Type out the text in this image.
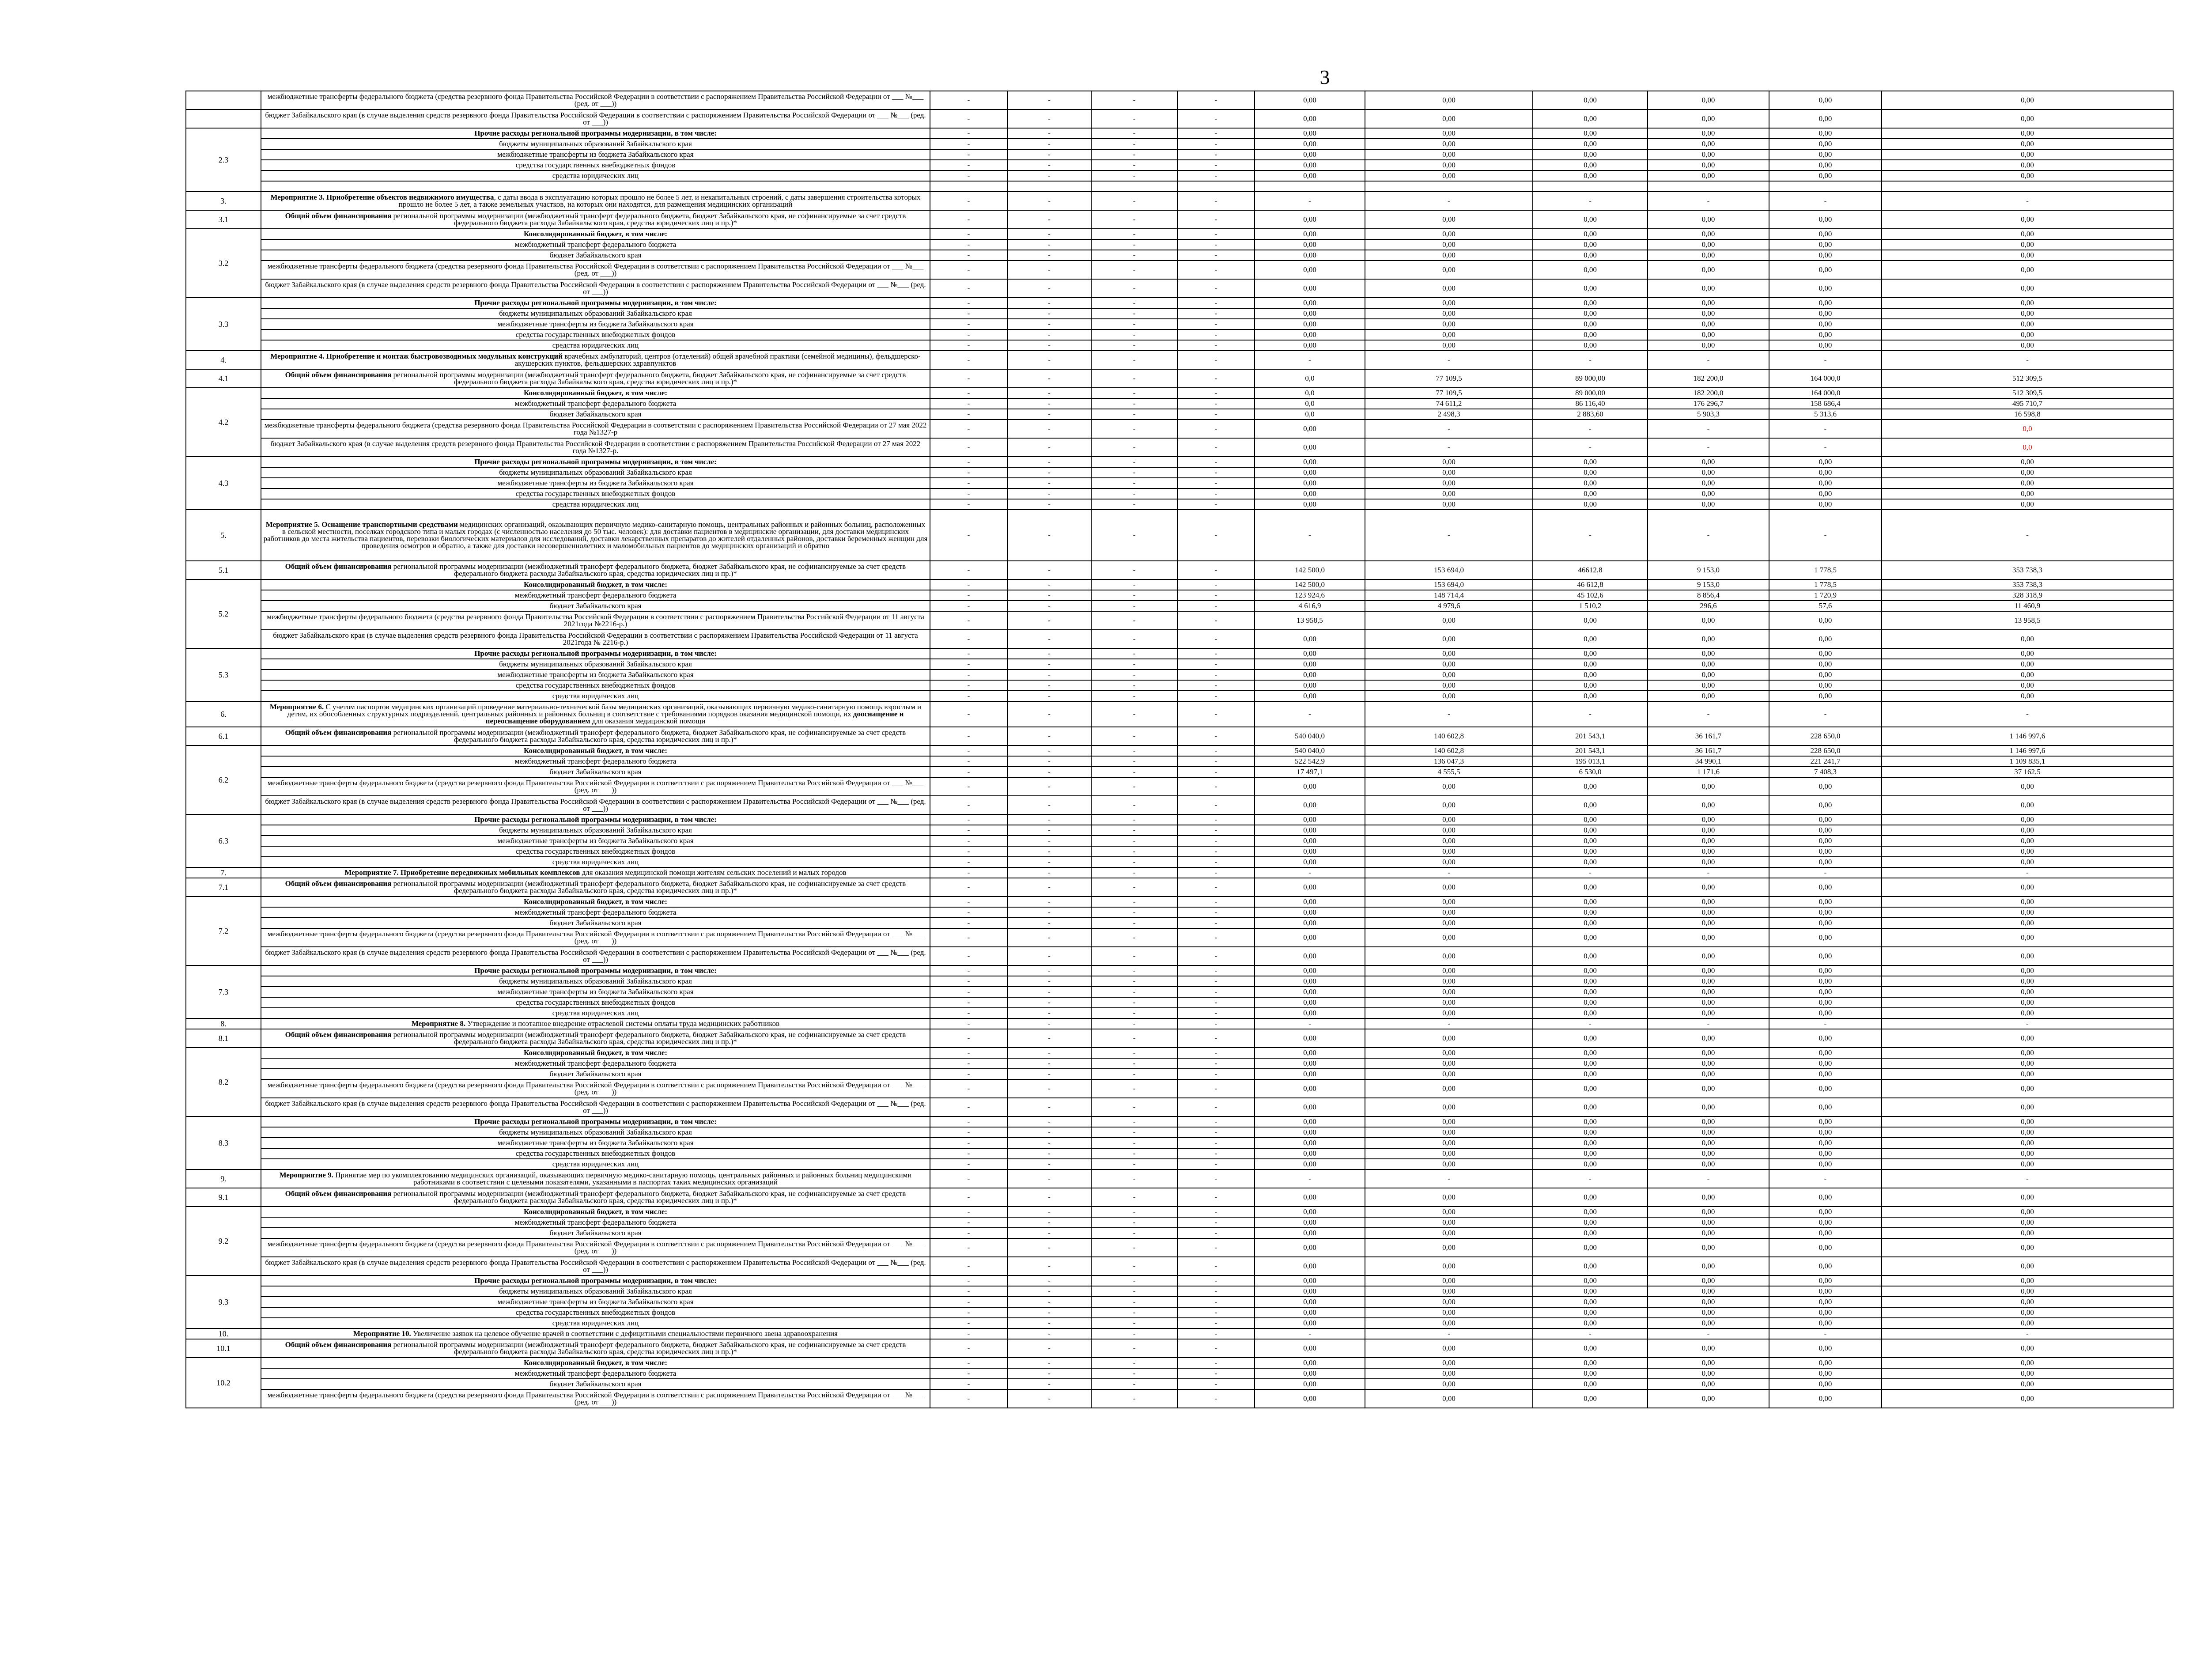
3
	межбюджетные трансферты федерального бюджета (средства резервного фонда Правительства Российской Федерации в соответствии с распоряжением Правительства Российской Федерации от ___ №___ (ред. от ___))	-	-	-	-	0,00	0,00	0,00	0,00	0,00	0,00
	бюджет Забайкальского края (в случае выделения средств резервного фонда Правительства Российской Федерации в соответствии с распоряжением Правительства Российской Федерации от ___ №___ (ред. от ___))	-	-	-	-	0,00	0,00	0,00	0,00	0,00	0,00
2.3	Прочие расходы региональной программы модернизации, в том числе:	-	-	-	-	0,00	0,00	0,00	0,00	0,00	0,00
	бюджеты муниципальных образований Забайкальского края	-	-	-	-	0,00	0,00	0,00	0,00	0,00	0,00
	межбюджетные трансферты из бюджета Забайкальского края	-	-	-	-	0,00	0,00	0,00	0,00	0,00	0,00
	средства государственных внебюджетных фондов	-	-	-	-	0,00	0,00	0,00	0,00	0,00	0,00
	средства юридических лиц	-	-	-	-	0,00	0,00	0,00	0,00	0,00	0,00

3.	Мероприятие 3. Приобретение объектов недвижимого имущества, с даты ввода в эксплуатацию которых прошло не более 5 лет, и некапитальных строений, с даты завершения строительства которых прошло не более 5 лет, а также земельных участков, на которых они находятся, для размещения медицинских организаций	-	-	-	-	-	-	-	-	-	-
3.1	Общий объем финансирования региональной программы модернизации (межбюджетный трансферт федерального бюджета, бюджет Забайкальского края, не софинансируемые за счет средств федерального бюджета расходы Забайкальского края, средства юридических лиц и пр.)*	-	-	-	-	0,00	0,00	0,00	0,00	0,00	0,00
3.2	Консолидированный бюджет, в том числе:	-	-	-	-	0,00	0,00	0,00	0,00	0,00	0,00
	межбюджетный трансферт федерального бюджета	-	-	-	-	0,00	0,00	0,00	0,00	0,00	0,00
	бюджет Забайкальского края	-	-	-	-	0,00	0,00	0,00	0,00	0,00	0,00
	межбюджетные трансферты федерального бюджета (средства резервного фонда Правительства Российской Федерации в соответствии с распоряжением Правительства Российской Федерации от ___ №___ (ред. от ___))	-	-	-	-	0,00	0,00	0,00	0,00	0,00	0,00
	бюджет Забайкальского края (в случае выделения средств резервного фонда Правительства Российской Федерации в соответствии с распоряжением Правительства Российской Федерации от ___ №___ (ред. от ___))	-	-	-	-	0,00	0,00	0,00	0,00	0,00	0,00
3.3	Прочие расходы региональной программы модернизации, в том числе:	-	-	-	-	0,00	0,00	0,00	0,00	0,00	0,00
	бюджеты муниципальных образований Забайкальского края	-	-	-	-	0,00	0,00	0,00	0,00	0,00	0,00
	межбюджетные трансферты из бюджета Забайкальского края	-	-	-	-	0,00	0,00	0,00	0,00	0,00	0,00
	средства государственных внебюджетных фондов	-	-	-	-	0,00	0,00	0,00	0,00	0,00	0,00
	средства юридических лиц	-	-	-	-	0,00	0,00	0,00	0,00	0,00	0,00
4.	Мероприятие 4. Приобретение и монтаж быстровозводимых модульных конструкций врачебных амбулаторий, центров (отделений) общей врачебной практики (семейной медицины), фельдшерско-акушерских пунктов, фельдшерских здравпунктов	-	-	-	-	-	-	-	-	-	-
4.1	Общий объем финансирования региональной программы модернизации (межбюджетный трансферт федерального бюджета, бюджет Забайкальского края, не софинансируемые за счет средств федерального бюджета расходы Забайкальского края, средства юридических лиц и пр.)*	-	-	-	-	0,0	77 109,5	89 000,00	182 200,0	164 000,0	512 309,5
4.2	Консолидированный бюджет, в том числе:	-	-	-	-	0,0	77 109,5	89 000,00	182 200,0	164 000,0	512 309,5
	межбюджетный трансферт федерального бюджета	-	-	-	-	0,0	74 611,2	86 116,40	176 296,7	158 686,4	495 710,7
	бюджет Забайкальского края	-	-	-	-	0,0	2 498,3	2 883,60	5 903,3	5 313,6	16 598,8
	межбюджетные трансферты федерального бюджета (средства резервного фонда Правительства Российской Федерации в соответствии с распоряжением Правительства Российской Федерации от 27 мая 2022 года №1327-р	-	-	-	-	0,00	-	-	-	-	0,0
	бюджет Забайкальского края (в случае выделения средств резервного фонда Правительства Российской Федерации в соответствии с распоряжением Правительства Российской Федерации от 27 мая 2022 года №1327-р.	-	-	-	-	0,00	-	-	-	-	0,0
4.3	Прочие расходы региональной программы модернизации, в том числе:	-	-	-	-	0,00	0,00	0,00	0,00	0,00	0,00
	бюджеты муниципальных образований Забайкальского края	-	-	-	-	0,00	0,00	0,00	0,00	0,00	0,00
	межбюджетные трансферты из бюджета Забайкальского края	-	-	-	-	0,00	0,00	0,00	0,00	0,00	0,00
	средства государственных внебюджетных фондов	-	-	-	-	0,00	0,00	0,00	0,00	0,00	0,00
	средства юридических лиц	-	-	-	-	0,00	0,00	0,00	0,00	0,00	0,00
5.	Мероприятие 5. Оснащение транспортными средствами медицинских организаций, оказывающих первичную медико-санитарную помощь, центральных районных и районных больниц, расположенных в сельской местности, поселках городского типа и малых городах (с численностью населения до 50 тыс. человек): для доставки пациентов в медицинские организации, для доставки медицинских работников до места жительства пациентов, перевозки биологических материалов для исследований, доставки лекарственных препаратов до жителей отдаленных районов, доставки беременных женщин для проведения осмотров и обратно, а также для доставки несовершеннолетних и маломобильных пациентов до медицинских организаций и обратно	-	-	-	-	-	-	-	-	-	-
5.1	Общий объем финансирования региональной программы модернизации (межбюджетный трансферт федерального бюджета, бюджет Забайкальского края, не софинансируемые за счет средств федерального бюджета расходы Забайкальского края, средства юридических лиц и пр.)*	-	-	-	-	142 500,0	153 694,0	46612,8	9 153,0	1 778,5	353 738,3
5.2	Консолидированный бюджет, в том числе:	-	-	-	-	142 500,0	153 694,0	46 612,8	9 153,0	1 778,5	353 738,3
	межбюджетный трансферт федерального бюджета	-	-	-	-	123 924,6	148 714,4	45 102,6	8 856,4	1 720,9	328 318,9
	бюджет Забайкальского края	-	-	-	-	4 616,9	4 979,6	1 510,2	296,6	57,6	11 460,9
	межбюджетные трансферты федерального бюджета (средства резервного фонда Правительства Российской Федерации в соответствии с распоряжением Правительства Российской Федерации от 11 августа 2021года №2216-р.)	-	-	-	-	13 958,5	0,00	0,00	0,00	0,00	13 958,5
	бюджет Забайкальского края (в случае выделения средств резервного фонда Правительства Российской Федерации в соответствии с распоряжением Правительства Российской Федерации от 11 августа 2021года № 2216-р.)	-	-	-	-	0,00	0,00	0,00	0,00	0,00	0,00
5.3	Прочие расходы региональной программы модернизации, в том числе:	-	-	-	-	0,00	0,00	0,00	0,00	0,00	0,00
	бюджеты муниципальных образований Забайкальского края	-	-	-	-	0,00	0,00	0,00	0,00	0,00	0,00
	межбюджетные трансферты из бюджета Забайкальского края	-	-	-	-	0,00	0,00	0,00	0,00	0,00	0,00
	средства государственных внебюджетных фондов	-	-	-	-	0,00	0,00	0,00	0,00	0,00	0,00
	средства юридических лиц	-	-	-	-	0,00	0,00	0,00	0,00	0,00	0,00
6.	Мероприятие 6. С учетом паспортов медицинских организаций проведение материально-технической базы медицинских организаций, оказывающих первичную медико-санитарную помощь взрослым и детям, их обособленных структурных подразделений, центральных районных и районных больниц в соответствие с требованиями порядков оказания медицинской помощи, их дооснащение и переоснащение оборудованием для оказания медицинской помощи	-	-	-	-	-	-	-	-	-	-
6.1	Общий объем финансирования региональной программы модернизации (межбюджетный трансферт федерального бюджета, бюджет Забайкальского края, не софинансируемые за счет средств федерального бюджета расходы Забайкальского края, средства юридических лиц и пр.)*	-	-	-	-	540 040,0	140 602,8	201 543,1	36 161,7	228 650,0	1 146 997,6
6.2	Консолидированный бюджет, в том числе:	-	-	-	-	540 040,0	140 602,8	201 543,1	36 161,7	228 650,0	1 146 997,6
	межбюджетный трансферт федерального бюджета	-	-	-	-	522 542,9	136 047,3	195 013,1	34 990,1	221 241,7	1 109 835,1
	бюджет Забайкальского края	-	-	-	-	17 497,1	4 555,5	6 530,0	1 171,6	7 408,3	37 162,5
	межбюджетные трансферты федерального бюджета (средства резервного фонда Правительства Российской Федерации в соответствии с распоряжением Правительства Российской Федерации от ___ №___ (ред. от ___))	-	-	-	-	0,00	0,00	0,00	0,00	0,00	0,00
	бюджет Забайкальского края (в случае выделения средств резервного фонда Правительства Российской Федерации в соответствии с распоряжением Правительства Российской Федерации от ___ №___ (ред. от ___))	-	-	-	-	0,00	0,00	0,00	0,00	0,00	0,00
6.3	Прочие расходы региональной программы модернизации, в том числе:	-	-	-	-	0,00	0,00	0,00	0,00	0,00	0,00
	бюджеты муниципальных образований Забайкальского края	-	-	-	-	0,00	0,00	0,00	0,00	0,00	0,00
	межбюджетные трансферты из бюджета Забайкальского края	-	-	-	-	0,00	0,00	0,00	0,00	0,00	0,00
	средства государственных внебюджетных фондов	-	-	-	-	0,00	0,00	0,00	0,00	0,00	0,00
	средства юридических лиц	-	-	-	-	0,00	0,00	0,00	0,00	0,00	0,00
7.	Мероприятие 7. Приобретение передвижных мобильных комплексов для оказания медицинской помощи жителям сельских поселений и малых городов	-	-	-	-	-	-	-	-	-	-
7.1	Общий объем финансирования региональной программы модернизации (межбюджетный трансферт федерального бюджета, бюджет Забайкальского края, не софинансируемые за счет средств федерального бюджета расходы Забайкальского края, средства юридических лиц и пр.)*	-	-	-	-	0,00	0,00	0,00	0,00	0,00	0,00
7.2	Консолидированный бюджет, в том числе:	-	-	-	-	0,00	0,00	0,00	0,00	0,00	0,00
	межбюджетный трансферт федерального бюджета	-	-	-	-	0,00	0,00	0,00	0,00	0,00	0,00
	бюджет Забайкальского края	-	-	-	-	0,00	0,00	0,00	0,00	0,00	0,00
	межбюджетные трансферты федерального бюджета (средства резервного фонда Правительства Российской Федерации в соответствии с распоряжением Правительства Российской Федерации от ___ №___ (ред. от ___))	-	-	-	-	0,00	0,00	0,00	0,00	0,00	0,00
	бюджет Забайкальского края (в случае выделения средств резервного фонда Правительства Российской Федерации в соответствии с распоряжением Правительства Российской Федерации от ___ №___ (ред. от ___))	-	-	-	-	0,00	0,00	0,00	0,00	0,00	0,00
7.3	Прочие расходы региональной программы модернизации, в том числе:	-	-	-	-	0,00	0,00	0,00	0,00	0,00	0,00
	бюджеты муниципальных образований Забайкальского края	-	-	-	-	0,00	0,00	0,00	0,00	0,00	0,00
	межбюджетные трансферты из бюджета Забайкальского края	-	-	-	-	0,00	0,00	0,00	0,00	0,00	0,00
	средства государственных внебюджетных фондов	-	-	-	-	0,00	0,00	0,00	0,00	0,00	0,00
	средства юридических лиц	-	-	-	-	0,00	0,00	0,00	0,00	0,00	0,00
8.	Мероприятие 8. Утверждение и поэтапное внедрение отраслевой системы оплаты труда медицинских работников	-	-	-	-	-	-	-	-	-	-
8.1	Общий объем финансирования региональной программы модернизации (межбюджетный трансферт федерального бюджета, бюджет Забайкальского края, не софинансируемые за счет средств федерального бюджета расходы Забайкальского края, средства юридических лиц и пр.)*	-	-	-	-	0,00	0,00	0,00	0,00	0,00	0,00
8.2	Консолидированный бюджет, в том числе:	-	-	-	-	0,00	0,00	0,00	0,00	0,00	0,00
	межбюджетный трансферт федерального бюджета	-	-	-	-	0,00	0,00	0,00	0,00	0,00	0,00
	бюджет Забайкальского края	-	-	-	-	0,00	0,00	0,00	0,00	0,00	0,00
	межбюджетные трансферты федерального бюджета (средства резервного фонда Правительства Российской Федерации в соответствии с распоряжением Правительства Российской Федерации от ___ №___ (ред. от ___))	-	-	-	-	0,00	0,00	0,00	0,00	0,00	0,00
	бюджет Забайкальского края (в случае выделения средств резервного фонда Правительства Российской Федерации в соответствии с распоряжением Правительства Российской Федерации от ___ №___ (ред. от ___))	-	-	-	-	0,00	0,00	0,00	0,00	0,00	0,00
8.3	Прочие расходы региональной программы модернизации, в том числе:	-	-	-	-	0,00	0,00	0,00	0,00	0,00	0,00
	бюджеты муниципальных образований Забайкальского края	-	-	-	-	0,00	0,00	0,00	0,00	0,00	0,00
	межбюджетные трансферты из бюджета Забайкальского края	-	-	-	-	0,00	0,00	0,00	0,00	0,00	0,00
	средства государственных внебюджетных фондов	-	-	-	-	0,00	0,00	0,00	0,00	0,00	0,00
	средства юридических лиц	-	-	-	-	0,00	0,00	0,00	0,00	0,00	0,00
9.	Мероприятие 9. Принятие мер по укомплектованию медицинских организаций, оказывающих первичную медико-санитарную помощь, центральных районных и районных больниц медицинскими работниками в соответствии с целевыми показателями, указанными в паспортах таких медицинских организаций	-	-	-	-	-	-	-	-	-	-
9.1	Общий объем финансирования региональной программы модернизации (межбюджетный трансферт федерального бюджета, бюджет Забайкальского края, не софинансируемые за счет средств федерального бюджета расходы Забайкальского края, средства юридических лиц и пр.)*	-	-	-	-	0,00	0,00	0,00	0,00	0,00	0,00
9.2	Консолидированный бюджет, в том числе:	-	-	-	-	0,00	0,00	0,00	0,00	0,00	0,00
	межбюджетный трансферт федерального бюджета	-	-	-	-	0,00	0,00	0,00	0,00	0,00	0,00
	бюджет Забайкальского края	-	-	-	-	0,00	0,00	0,00	0,00	0,00	0,00
	межбюджетные трансферты федерального бюджета (средства резервного фонда Правительства Российской Федерации в соответствии с распоряжением Правительства Российской Федерации от ___ №___ (ред. от ___))	-	-	-	-	0,00	0,00	0,00	0,00	0,00	0,00
	бюджет Забайкальского края (в случае выделения средств резервного фонда Правительства Российской Федерации в соответствии с распоряжением Правительства Российской Федерации от ___ №___ (ред. от ___))	-	-	-	-	0,00	0,00	0,00	0,00	0,00	0,00
9.3	Прочие расходы региональной программы модернизации, в том числе:	-	-	-	-	0,00	0,00	0,00	0,00	0,00	0,00
	бюджеты муниципальных образований Забайкальского края	-	-	-	-	0,00	0,00	0,00	0,00	0,00	0,00
	межбюджетные трансферты из бюджета Забайкальского края	-	-	-	-	0,00	0,00	0,00	0,00	0,00	0,00
	средства государственных внебюджетных фондов	-	-	-	-	0,00	0,00	0,00	0,00	0,00	0,00
	средства юридических лиц	-	-	-	-	0,00	0,00	0,00	0,00	0,00	0,00
10.	Мероприятие 10. Увеличение заявок на целевое обучение врачей в соответствии с дефицитными специальностями первичного звена здравоохранения	-	-	-	-	-	-	-	-	-	-
10.1	Общий объем финансирования региональной программы модернизации (межбюджетный трансферт федерального бюджета, бюджет Забайкальского края, не софинансируемые за счет средств федерального бюджета расходы Забайкальского края, средства юридических лиц и пр.)*	-	-	-	-	0,00	0,00	0,00	0,00	0,00	0,00
10.2	Консолидированный бюджет, в том числе:	-	-	-	-	0,00	0,00	0,00	0,00	0,00	0,00
	межбюджетный трансферт федерального бюджета	-	-	-	-	0,00	0,00	0,00	0,00	0,00	0,00
	бюджет Забайкальского края	-	-	-	-	0,00	0,00	0,00	0,00	0,00	0,00
	межбюджетные трансферты федерального бюджета (средства резервного фонда Правительства Российской Федерации в соответствии с распоряжением Правительства Российской Федерации от ___ №___ (ред. от ___))	-	-	-	-	0,00	0,00	0,00	0,00	0,00	0,00
